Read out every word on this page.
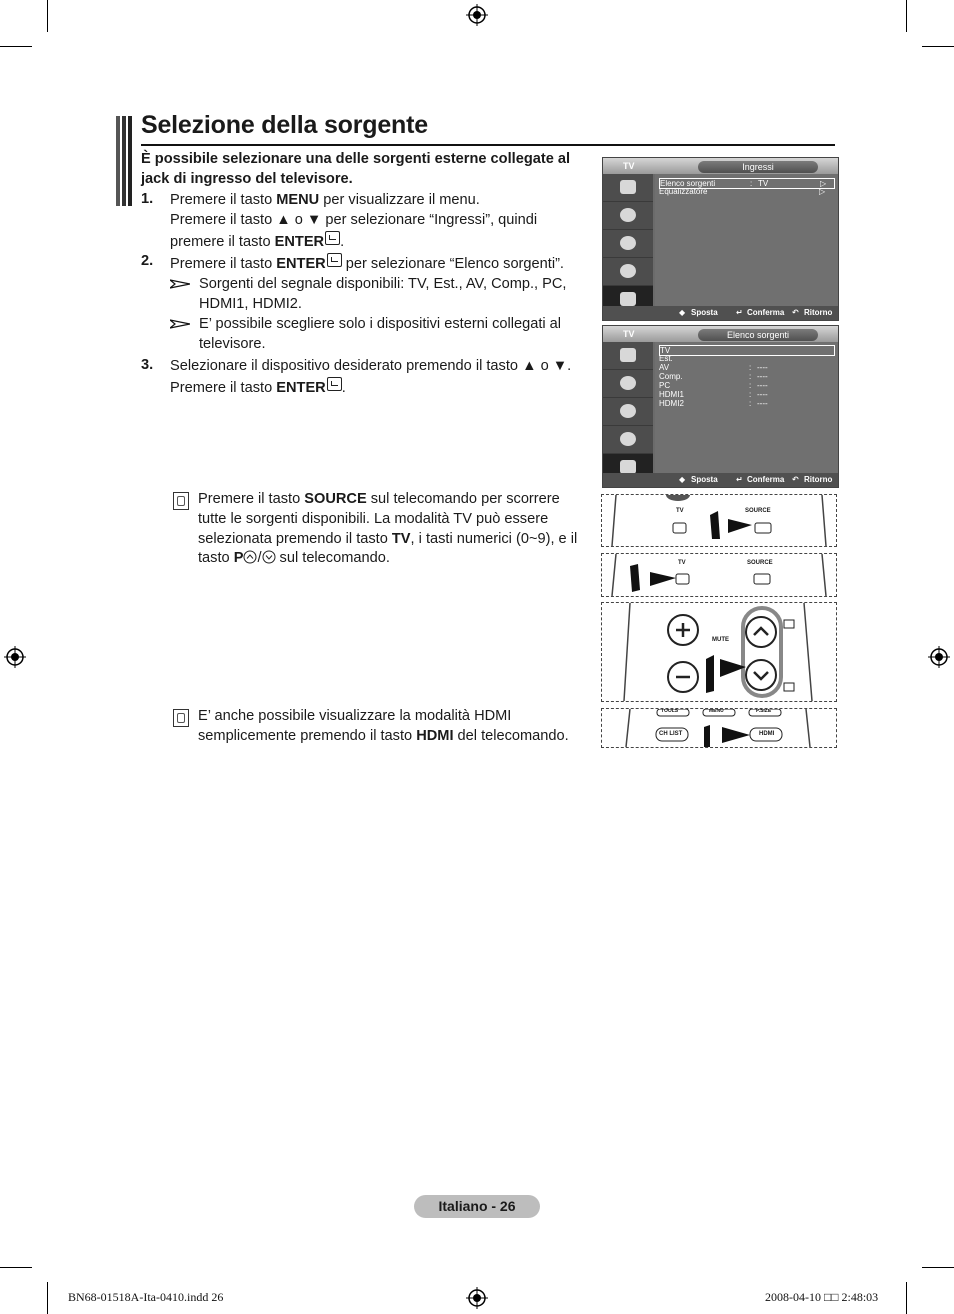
Selezione della sorgente
È possibile selezionare una delle sorgenti esterne collegate al jack di ingresso del televisore.
1. Premere il tasto MENU per visualizzare il menu.
Premere il tasto ▲ o ▼ per selezionare “Ingressi”, quindi
premere il tasto ENTER .
2. Premere il tasto ENTER per selezionare “Elenco sorgenti”.
Sorgenti del segnale disponibili: TV, Est., AV, Comp., PC,
HDMI1, HDMI2.
E’ possibile scegliere solo i dispositivi esterni collegati al
televisore.
3. Selezionare il dispositivo desiderato premendo il tasto ▲ o ▼.
Premere il tasto ENTER .
Premere il tasto SOURCE sul telecomando per scorrere
tutte le sorgenti disponibili. La modalità TV può essere
selezionata premendo il tasto TV, i tasti numerici (0~9), e il
tasto P / sul telecomando.
E’ anche possibile visualizzare la modalità HDMI
semplicemente premendo il tasto HDMI del telecomando.
TV	Ingressi
Elenco sorgenti	: TV	▷
Equalizzatore	▷
◆ Sposta ↵ Conferma ↶ Ritorno
TV	Elenco sorgenti
TV
Est.
AV	: ----
Comp.	: ----
PC	: ----
HDMI1	: ----
HDMI2	: ----
◆ Sposta ↵ Conferma ↶ Ritorno
TV	SOURCE
TV	SOURCE
MUTE
TOOLS	MENU	P.SIZE
CH LIST	HDMI
Italiano - 26
BN68-01518A-Ita-0410.indd 26	2008-04-10 □□ 2:48:03
